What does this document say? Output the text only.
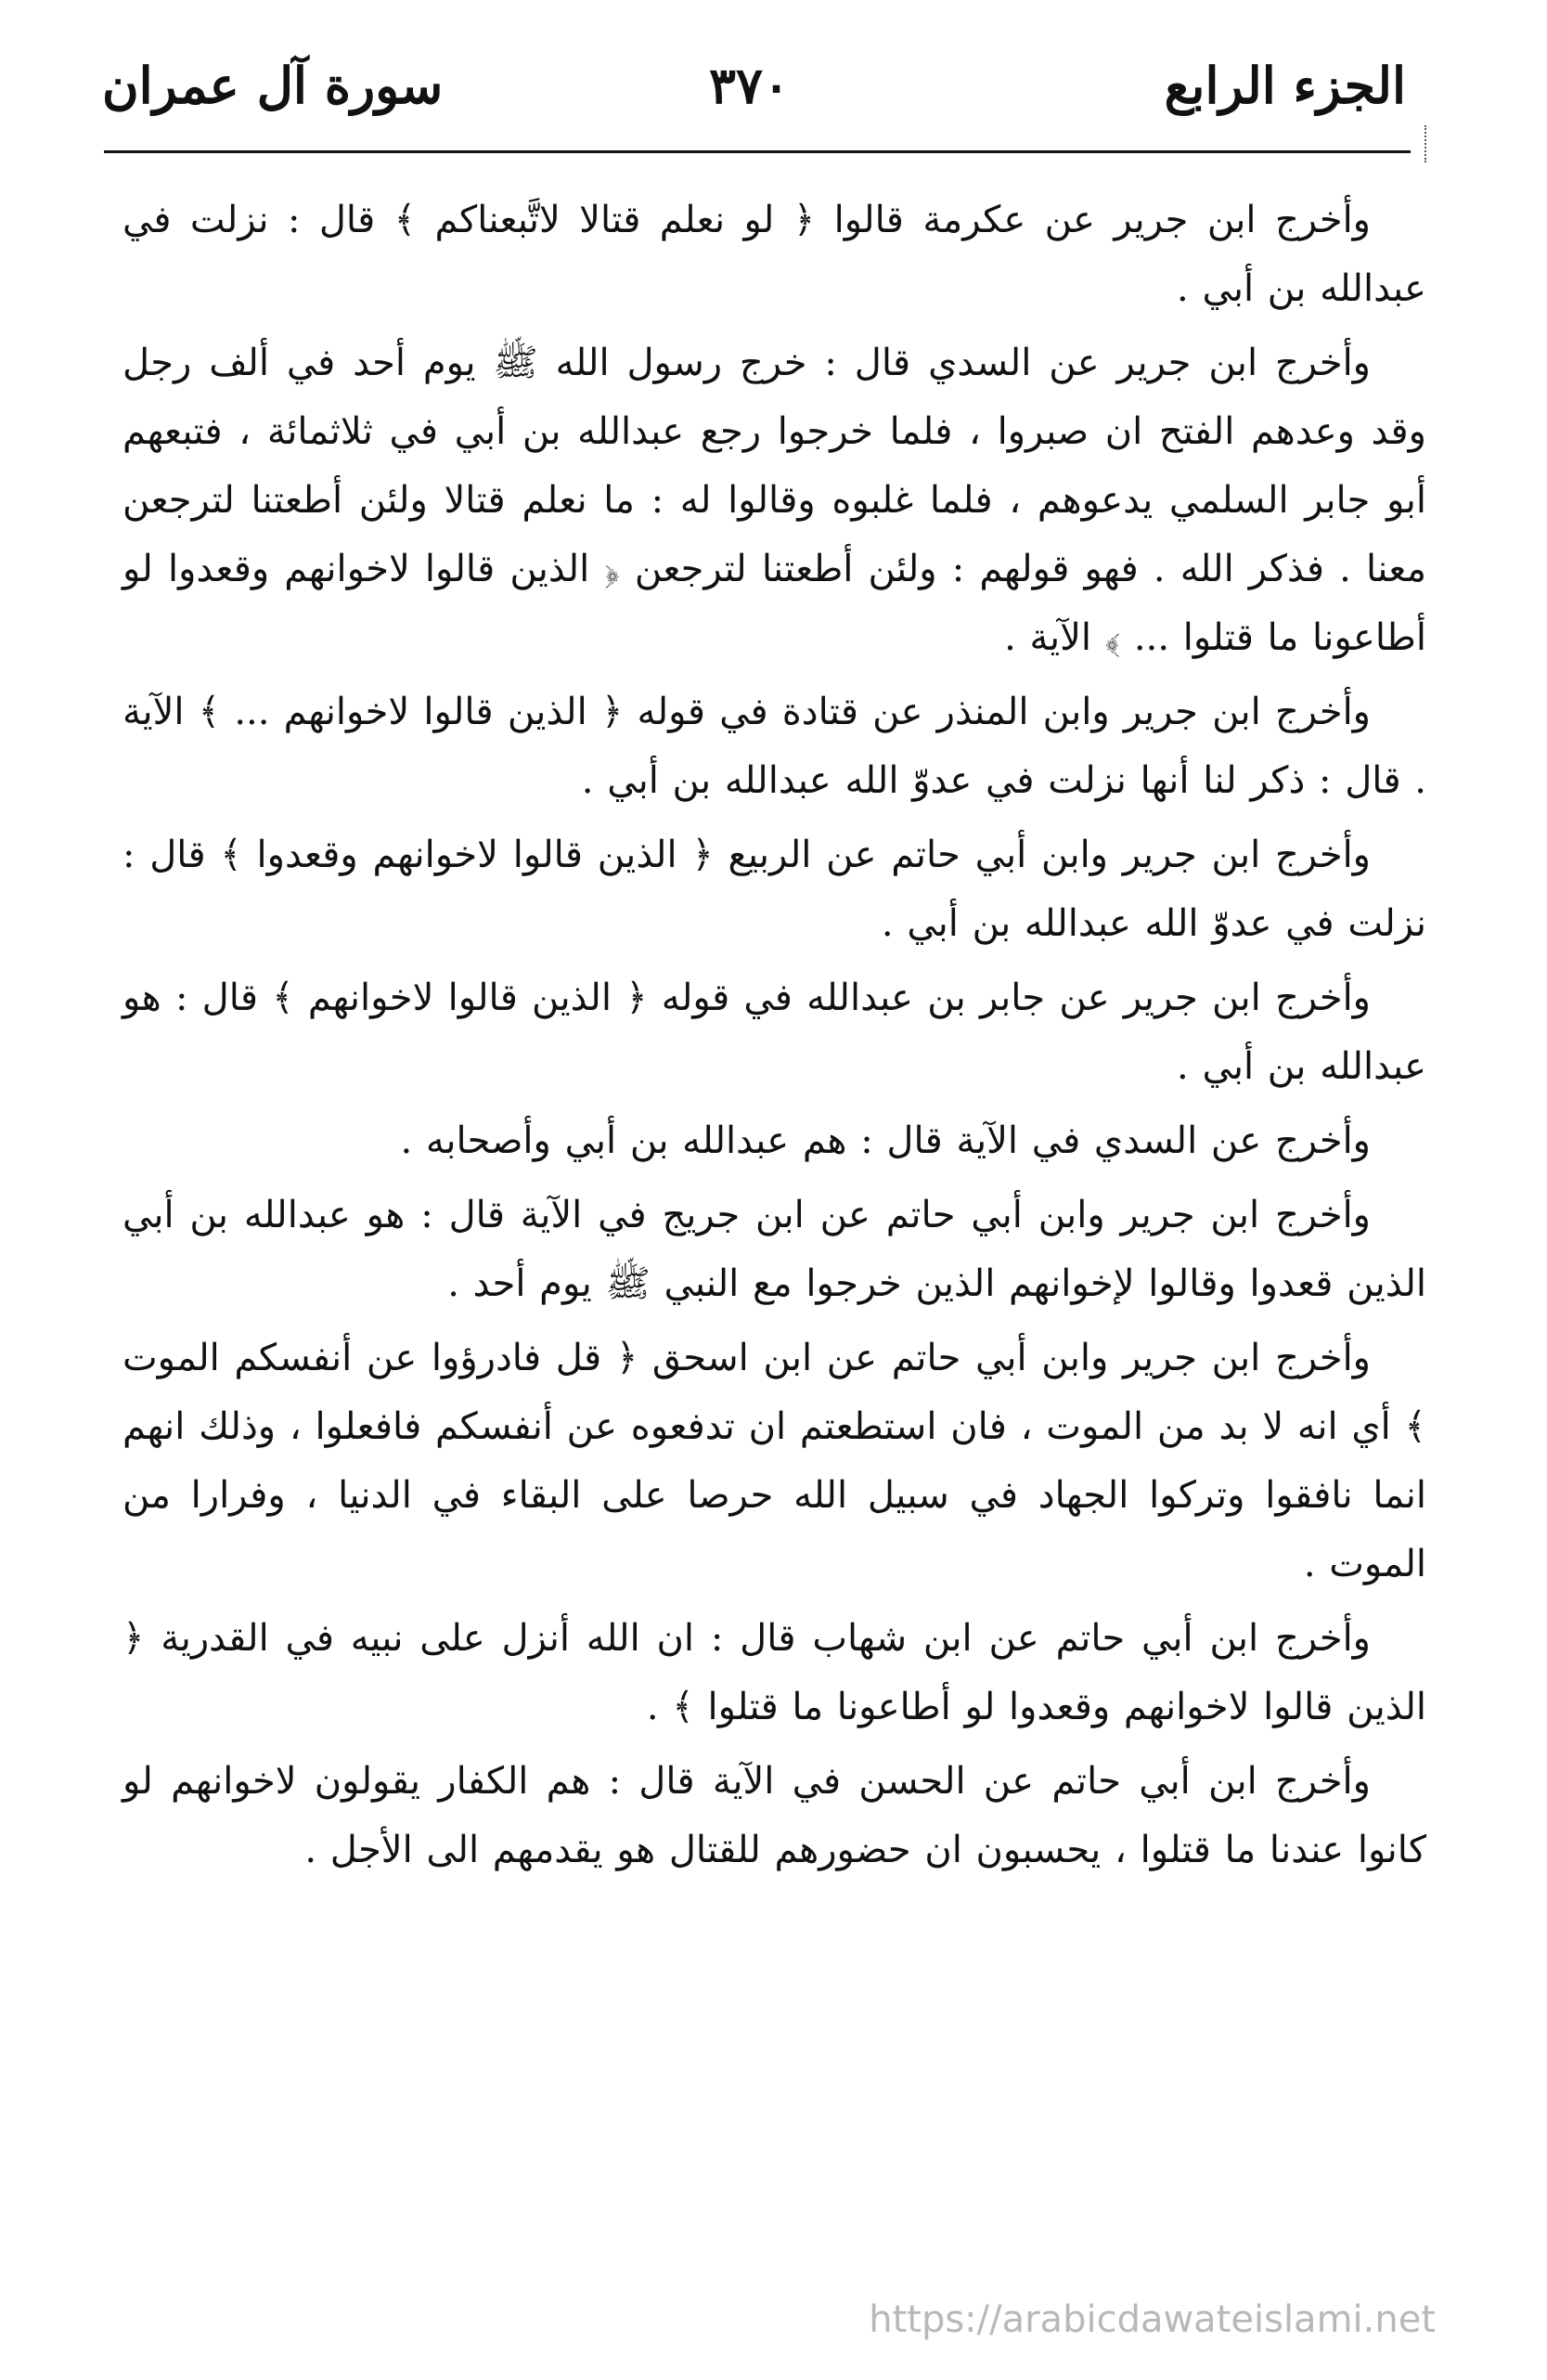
الجزء الرابع
٣٧٠
سورة آل عمران

وأخرج ابن جرير عن عكرمة قالوا ﴿ لو نعلم قتالا لاتَّبعناكم ﴾ قال : نزلت في عبدالله بن أبي .

وأخرج ابن جرير عن السدي قال : خرج رسول الله ﷺ يوم أحد في ألف رجل وقد وعدهم الفتح ان صبروا ، فلما خرجوا رجع عبدالله بن أبي في ثلاثمائة ، فتبعهم أبو جابر السلمي يدعوهم ، فلما غلبوه وقالوا له : ما نعلم قتالا ولئن أطعتنا لترجعن معنا . فذكر الله . فهو قولهم : ولئن أطعتنا لترجعن ﴿ الذين قالوا لاخوانهم وقعدوا لو أطاعونا ما قتلوا ... ﴾ الآية .

وأخرج ابن جرير وابن المنذر عن قتادة في قوله ﴿ الذين قالوا لاخوانهم ... ﴾ الآية . قال : ذكر لنا أنها نزلت في عدوّ الله عبدالله بن أبي .

وأخرج ابن جرير وابن أبي حاتم عن الربيع ﴿ الذين قالوا لاخوانهم وقعدوا ﴾ قال : نزلت في عدوّ الله عبدالله بن أبي .

وأخرج ابن جرير عن جابر بن عبدالله في قوله ﴿ الذين قالوا لاخوانهم ﴾ قال : هو عبدالله بن أبي .

وأخرج عن السدي في الآية قال : هم عبدالله بن أبي وأصحابه .

وأخرج ابن جرير وابن أبي حاتم عن ابن جريج في الآية قال : هو عبدالله بن أبي الذين قعدوا وقالوا لإخوانهم الذين خرجوا مع النبي ﷺ يوم أحد .

وأخرج ابن جرير وابن أبي حاتم عن ابن اسحق ﴿ قل فادرؤوا عن أنفسكم الموت ﴾ أي انه لا بد من الموت ، فان استطعتم ان تدفعوه عن أنفسكم فافعلوا ، وذلك انهم انما نافقوا وتركوا الجهاد في سبيل الله حرصا على البقاء في الدنيا ، وفرارا من الموت .

وأخرج ابن أبي حاتم عن ابن شهاب قال : ان الله أنزل على نبيه في القدرية ﴿ الذين قالوا لاخوانهم وقعدوا لو أطاعونا ما قتلوا ﴾ .

وأخرج ابن أبي حاتم عن الحسن في الآية قال : هم الكفار يقولون لاخوانهم لو كانوا عندنا ما قتلوا ، يحسبون ان حضورهم للقتال هو يقدمهم الى الأجل .

https://arabicdawateislami.net
